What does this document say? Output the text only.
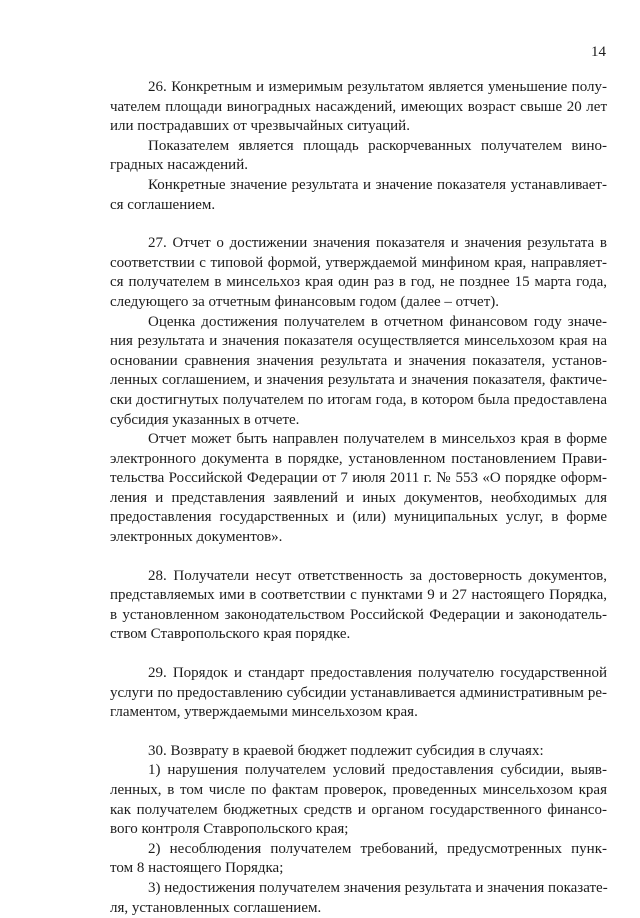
14
26. Конкретным и измеримым результатом является уменьшение полу-
чателем площади виноградных насаждений, имеющих возраст свыше 20 лет
или пострадавших от чрезвычайных ситуаций.
Показателем является площадь раскорчеванных получателем вино-
градных насаждений.
Конкретные значение результата и значение показателя устанавливает-
ся соглашением.
27. Отчет о достижении значения показателя и значения результата в
соответствии с типовой формой, утверждаемой минфином края, направляет-
ся получателем в минсельхоз края один раз в год, не позднее 15 марта года,
следующего за отчетным финансовым годом (далее – отчет).
Оценка достижения получателем в отчетном финансовом году значе-
ния результата и значения показателя осуществляется минсельхозом края на
основании сравнения значения результата и значения показателя, установ-
ленных соглашением, и значения результата и значения показателя, фактиче-
ски достигнутых получателем по итогам года, в котором была предоставлена
субсидия указанных в отчете.
Отчет может быть направлен получателем в минсельхоз края в форме
электронного документа в порядке, установленном постановлением Прави-
тельства Российской Федерации от 7 июля 2011 г. № 553 «О порядке оформ-
ления и представления заявлений и иных документов, необходимых для
предоставления государственных и (или) муниципальных услуг, в форме
электронных документов».
28. Получатели несут ответственность за достоверность документов,
представляемых ими в соответствии с пунктами 9 и 27 настоящего Порядка,
в установленном законодательством Российской Федерации и законодатель-
ством Ставропольского края порядке.
29. Порядок и стандарт предоставления получателю государственной
услуги по предоставлению субсидии устанавливается административным ре-
гламентом, утверждаемыми минсельхозом края.
30. Возврату в краевой бюджет подлежит субсидия в случаях:
1) нарушения получателем условий предоставления субсидии, выяв-
ленных, в том числе по фактам проверок, проведенных минсельхозом края
как получателем бюджетных средств и органом государственного финансо-
вого контроля Ставропольского края;
2) несоблюдения получателем требований, предусмотренных пунк-
том 8 настоящего Порядка;
3) недостижения получателем значения результата и значения показате-
ля, установленных соглашением.
